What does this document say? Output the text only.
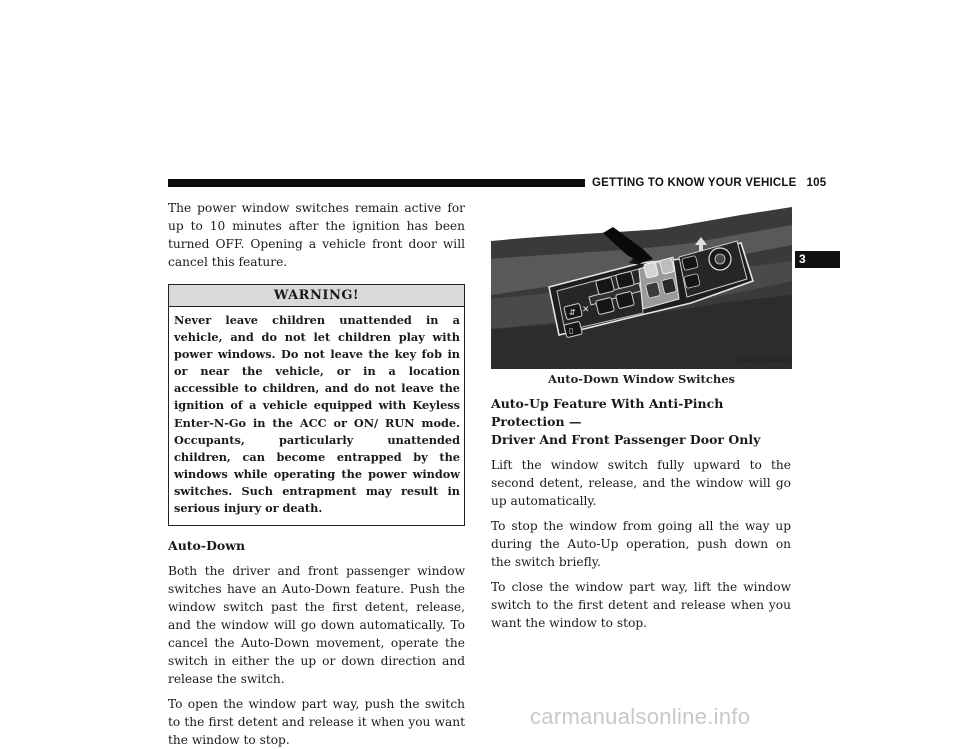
GETTING TO KNOW YOUR VEHICLE 105
3

The power window switches remain active for up to 10 minutes after the ignition has been turned OFF. Opening a vehicle front door will cancel this feature.

WARNING!
Never leave children unattended in a vehicle, and do not let children play with power windows. Do not leave the key fob in or near the vehicle, or in a location accessible to children, and do not leave the ignition of a vehicle equipped with Keyless Enter-N-Go in the ACC or ON/ RUN mode. Occupants, particularly unattended children, can become entrapped by the windows while operating the power window switches. Such entrapment may result in serious injury or death.
Auto-Down

Both the driver and front passenger window switches have an Auto-Down feature. Push the window switch past the first detent, release, and the window will go down automatically. To cancel the Auto-Down movement, operate the switch in either the up or down direction and release the switch.

To open the window part way, push the switch to the first detent and release it when you want the window to stop.

⇵
▯
✕
0301116126US
Auto-Down Window Switches
Auto-Up Feature With Anti-Pinch Protection —
Driver And Front Passenger Door Only

Lift the window switch fully upward to the second detent, release, and the window will go up automatically.

To stop the window from going all the way up during the Auto-Up operation, push down on the switch briefly.

To close the window part way, lift the window switch to the first detent and release when you want the window to stop.

carmanualsonline.info
